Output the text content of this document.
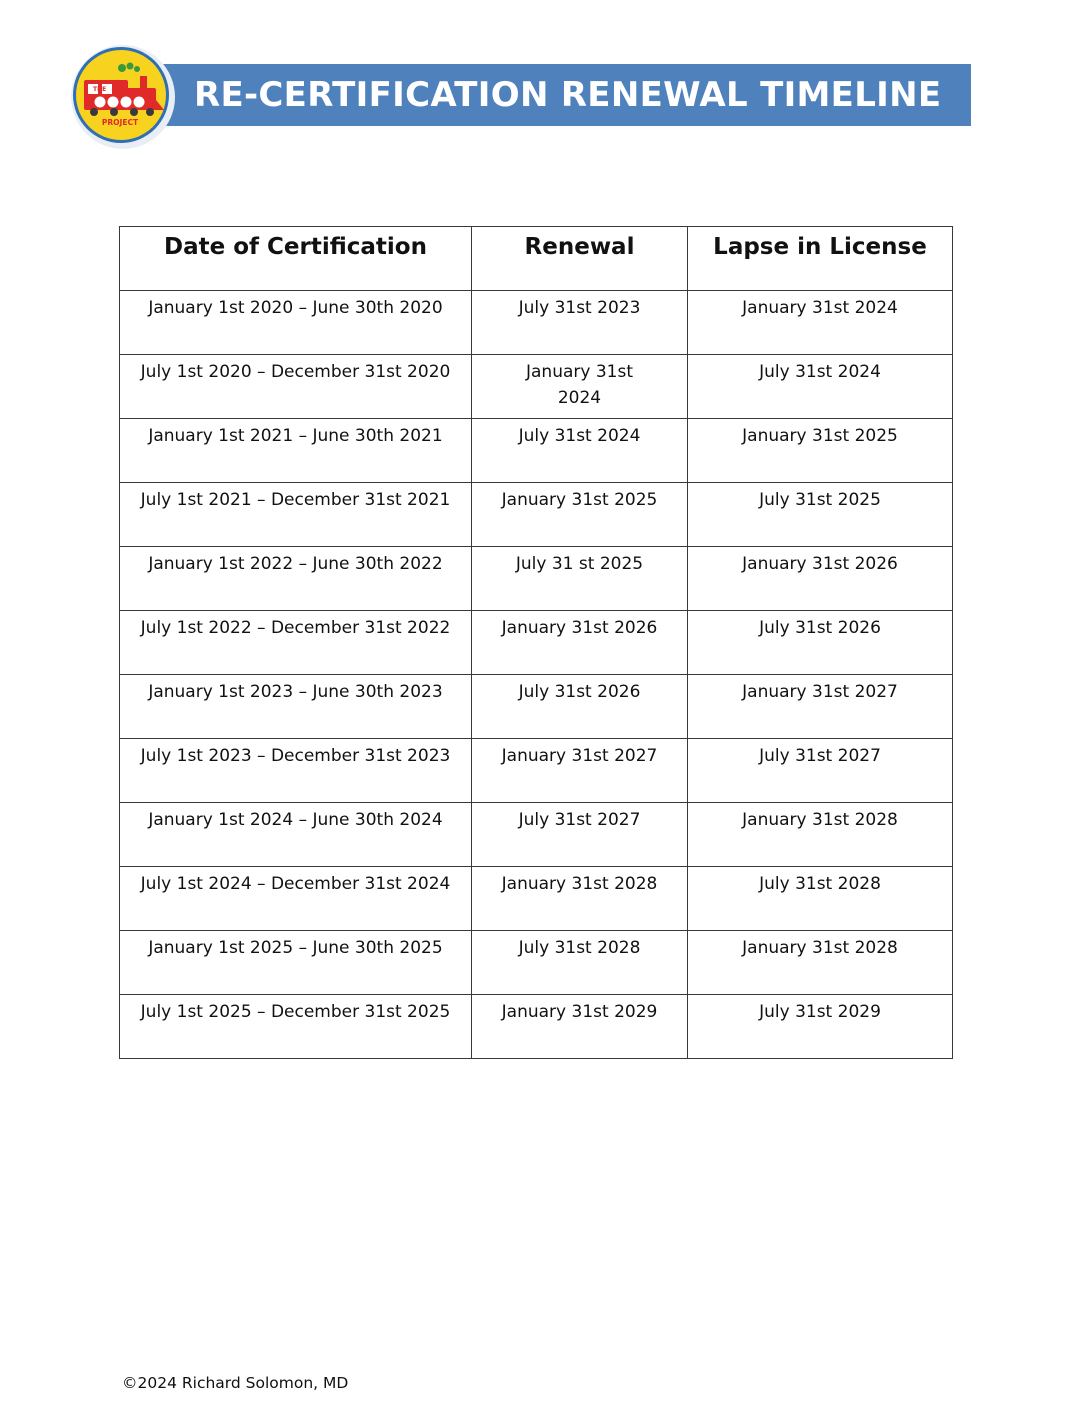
THE
PROJECT
RE-CERTIFICATION RENEWAL TIMELINE
Date of Certification	Renewal	Lapse in License
January 1st 2020 – June 30th 2020	July 31st 2023	January 31st 2024
July 1st 2020 – December 31st 2020	January 31st 2024	July 31st 2024
January 1st 2021 – June 30th 2021	July 31st 2024	January 31st 2025
July 1st 2021 – December 31st 2021	January 31st 2025	July 31st 2025
January 1st 2022 – June 30th 2022	July 31 st 2025	January 31st 2026
July 1st 2022 – December 31st 2022	January 31st 2026	July 31st 2026
January 1st 2023 – June 30th 2023	July 31st 2026	January 31st 2027
July 1st 2023 – December 31st 2023	January 31st 2027	July 31st 2027
January 1st 2024 – June 30th 2024	July 31st 2027	January 31st 2028
July 1st 2024 – December 31st 2024	January 31st 2028	July 31st 2028
January 1st 2025 – June 30th 2025	July 31st 2028	January 31st 2028
July 1st 2025 – December 31st 2025	January 31st 2029	July 31st 2029
©2024 Richard Solomon, MD
